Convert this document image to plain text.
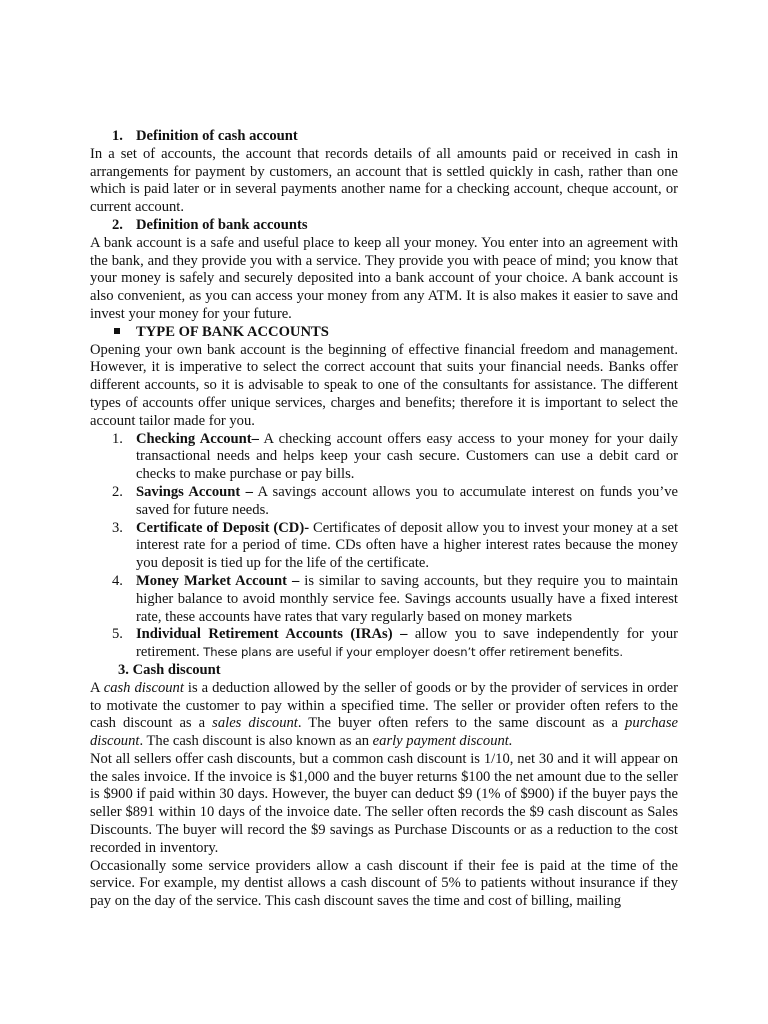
1. Definition of cash account

In a set of accounts, the account that records details of all amounts paid or received in cash in arrangements for payment by customers, an account that is settled quickly in cash, rather than one which is paid later or in several payments another name for a checking account, cheque account, or current account.

2. Definition of bank accounts

A bank account is a safe and useful place to keep all your money. You enter into an agreement with the bank, and they provide you with a service. They provide you with peace of mind; you know that your money is safely and securely deposited into a bank account of your choice. A bank account is also convenient, as you can access your money from any ATM. It is also makes it easier to save and invest your money for your future.

TYPE OF BANK ACCOUNTS

Opening your own bank account is the beginning of effective financial freedom and management. However, it is imperative to select the correct account that suits your financial needs. Banks offer different accounts, so it is advisable to speak to one of the consultants for assistance. The different types of accounts offer unique services, charges and benefits; therefore it is important to select the account tailor made for you.

1. Checking Account– A checking account offers easy access to your money for your daily transactional needs and helps keep your cash secure. Customers can use a debit card or checks to make purchase or pay bills.
2. Savings Account – A savings account allows you to accumulate interest on funds you’ve saved for future needs.
3. Certificate of Deposit (CD)- Certificates of deposit allow you to invest your money at a set interest rate for a period of time. CDs often have a higher interest rates because the money you deposit is tied up for the life of the certificate.
4. Money Market Account – is similar to saving accounts, but they require you to maintain higher balance to avoid monthly service fee. Savings accounts usually have a fixed interest rate, these accounts have rates that vary regularly based on money markets
5. Individual Retirement Accounts (IRAs) – allow you to save independently for your retirement. These plans are useful if your employer doesn’t offer retirement benefits.
3. Cash discount

A cash discount is a deduction allowed by the seller of goods or by the provider of services in order to motivate the customer to pay within a specified time. The seller or provider often refers to the cash discount as a sales discount. The buyer often refers to the same discount as a purchase discount. The cash discount is also known as an early payment discount.

Not all sellers offer cash discounts, but a common cash discount is 1/10, net 30 and it will appear on the sales invoice. If the invoice is $1,000 and the buyer returns $100 the net amount due to the seller is $900 if paid within 30 days. However, the buyer can deduct $9 (1% of $900) if the buyer pays the seller $891 within 10 days of the invoice date. The seller often records the $9 cash discount as Sales Discounts. The buyer will record the $9 savings as Purchase Discounts or as a reduction to the cost recorded in inventory.

Occasionally some service providers allow a cash discount if their fee is paid at the time of the service. For example, my dentist allows a cash discount of 5% to patients without insurance if they pay on the day of the service. This cash discount saves the time and cost of billing, mailing
